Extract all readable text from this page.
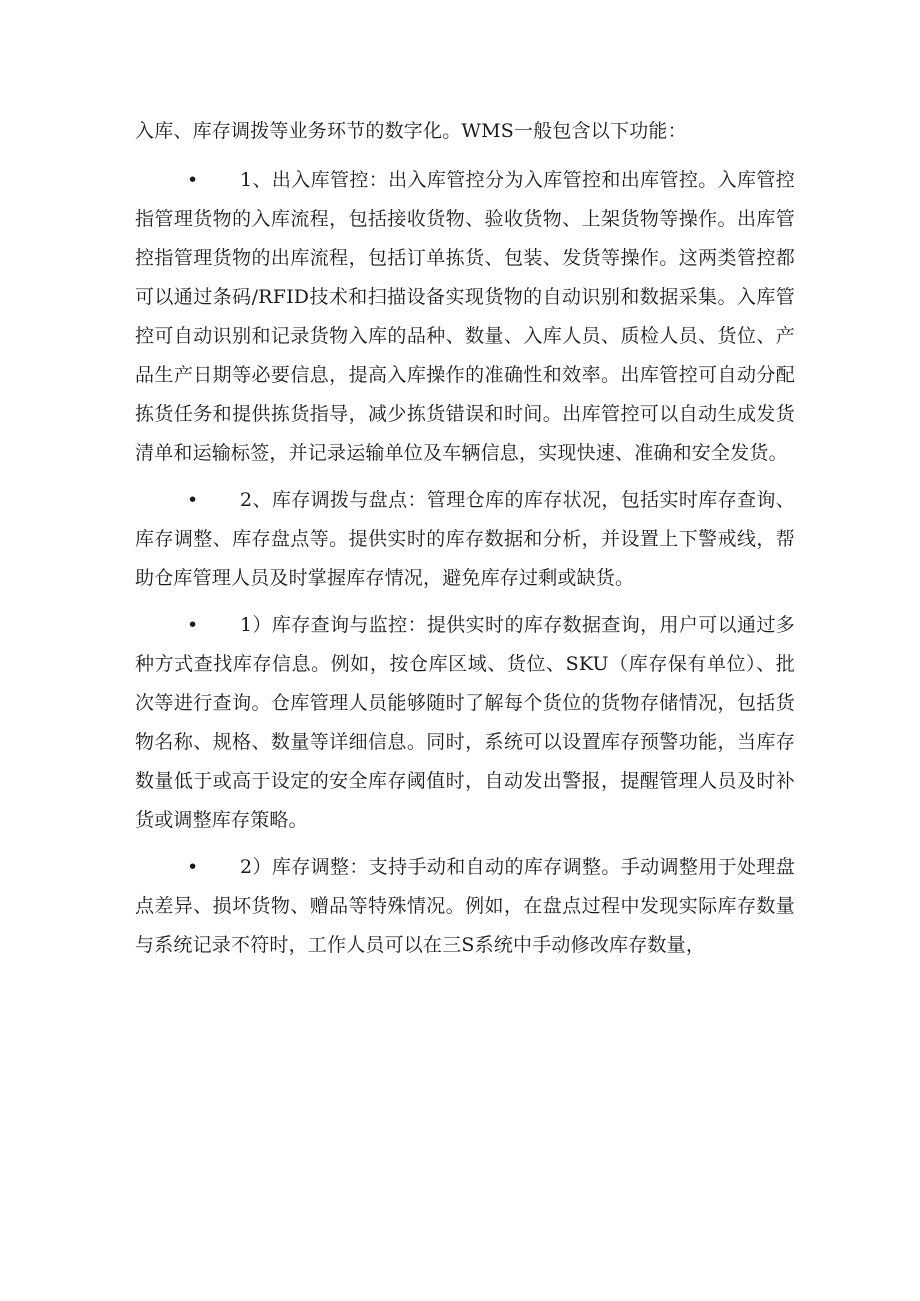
入库、库存调拨等业务环节的数字化。WMS一般包含以下功能：

• 1、出入库管控：出入库管控分为入库管控和出库管控。入库管控指管理货物的入库流程，包括接收货物、验收货物、上架货物等操作。出库管控指管理货物的出库流程，包括订单拣货、包装、发货等操作。这两类管控都可以通过条码/RFID技术和扫描设备实现货物的自动识别和数据采集。入库管控可自动识别和记录货物入库的品种、数量、入库人员、质检人员、货位、产品生产日期等必要信息，提高入库操作的准确性和效率。出库管控可自动分配拣货任务和提供拣货指导，减少拣货错误和时间。出库管控可以自动生成发货清单和运输标签，并记录运输单位及车辆信息，实现快速、准确和安全发货。

• 2、库存调拨与盘点：管理仓库的库存状况，包括实时库存查询、库存调整、库存盘点等。提供实时的库存数据和分析，并设置上下警戒线，帮助仓库管理人员及时掌握库存情况，避免库存过剩或缺货。

• 1）库存查询与监控：提供实时的库存数据查询，用户可以通过多种方式查找库存信息。例如，按仓库区域、货位、SKU（库存保有单位）、批次等进行查询。仓库管理人员能够随时了解每个货位的货物存储情况，包括货物名称、规格、数量等详细信息。同时，系统可以设置库存预警功能，当库存数量低于或高于设定的安全库存阈值时，自动发出警报，提醒管理人员及时补货或调整库存策略。

• 2）库存调整：支持手动和自动的库存调整。手动调整用于处理盘点差异、损坏货物、赠品等特殊情况。例如，在盘点过程中发现实际库存数量与系统记录不符时，工作人员可以在三S系统中手动修改库存数量，
